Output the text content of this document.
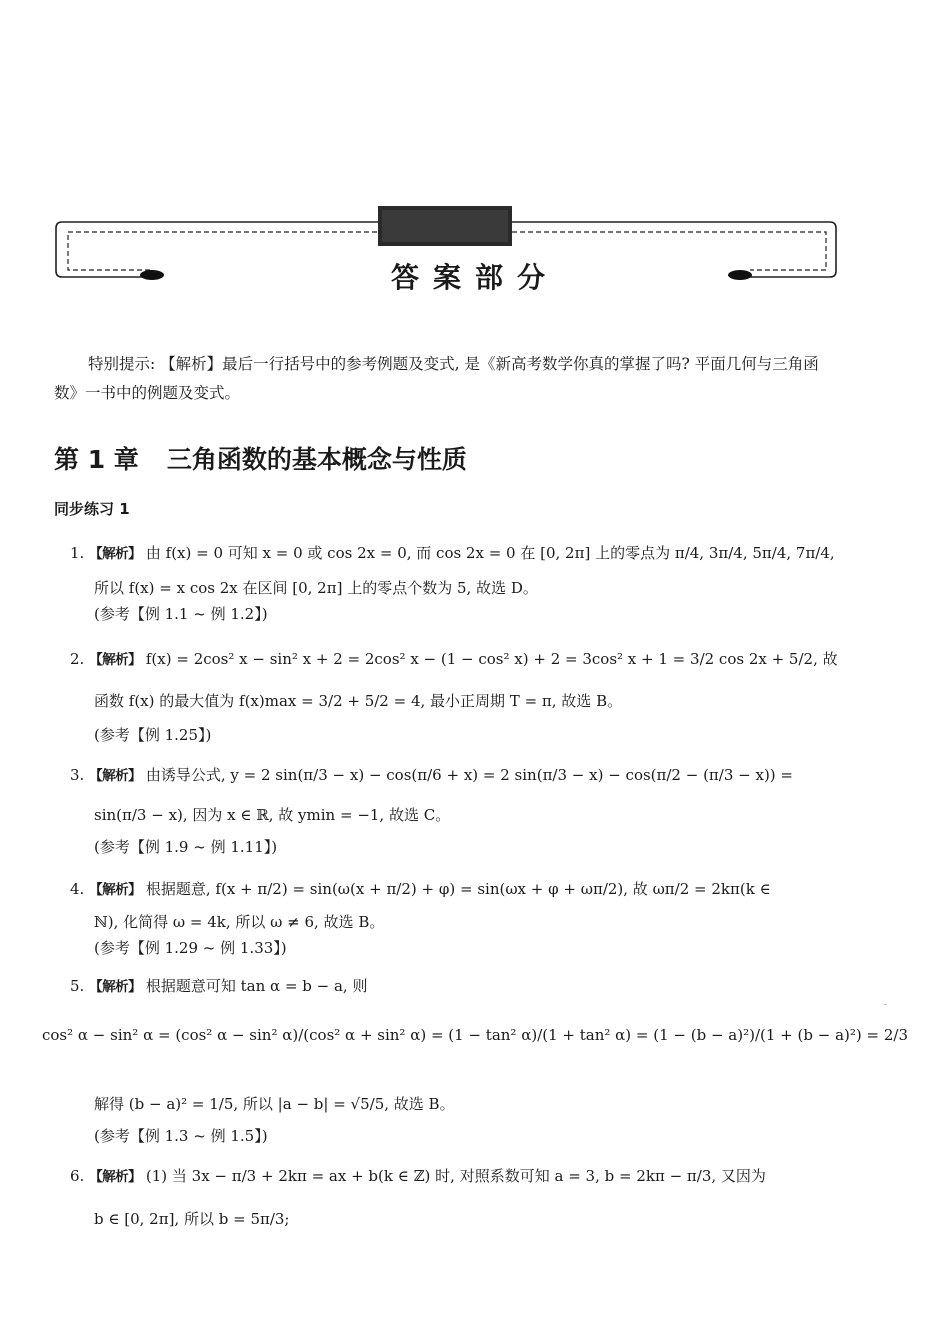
答案部分
特别提示: 【解析】最后一行括号中的参考例题及变式, 是《新高考数学你真的掌握了吗? 平面几何与三角函数》一书中的例题及变式。
第 1 章 三角函数的基本概念与性质
同步练习 1
1. 【解析】 由 f(x) = 0 可知 x = 0 或 cos 2x = 0, 而 cos 2x = 0 在 [0, 2π] 上的零点为 π/4, 3π/4, 5π/4, 7π/4,
所以 f(x) = x cos 2x 在区间 [0, 2π] 上的零点个数为 5, 故选 D。
(参考【例 1.1 ~ 例 1.2】)
2. 【解析】 f(x) = 2cos² x − sin² x + 2 = 2cos² x − (1 − cos² x) + 2 = 3cos² x + 1 = 3/2 cos 2x + 5/2, 故
函数 f(x) 的最大值为 f(x)max = 3/2 + 5/2 = 4, 最小正周期 T = π, 故选 B。
(参考【例 1.25】)
3. 【解析】 由诱导公式, y = 2 sin(π/3 − x) − cos(π/6 + x) = 2 sin(π/3 − x) − cos(π/2 − (π/3 − x)) =
sin(π/3 − x), 因为 x ∈ ℝ, 故 ymin = −1, 故选 C。
(参考【例 1.9 ~ 例 1.11】)
4. 【解析】 根据题意, f(x + π/2) = sin(ω(x + π/2) + φ) = sin(ωx + φ + ωπ/2), 故 ωπ/2 = 2kπ(k ∈
ℕ), 化简得 ω = 4k, 所以 ω ≠ 6, 故选 B。
(参考【例 1.29 ~ 例 1.33】)
5. 【解析】 根据题意可知 tan α = b − a, 则
cos² α − sin² α = (cos² α − sin² α)/(cos² α + sin² α) = (1 − tan² α)/(1 + tan² α) = (1 − (b − a)²)/(1 + (b − a)²) = 2/3
解得 (b − a)² = 1/5, 所以 |a − b| = √5/5, 故选 B。
(参考【例 1.3 ~ 例 1.5】)
6. 【解析】 (1) 当 3x − π/3 + 2kπ = ax + b(k ∈ ℤ) 时, 对照系数可知 a = 3, b = 2kπ − π/3, 又因为
b ∈ [0, 2π], 所以 b = 5π/3;
